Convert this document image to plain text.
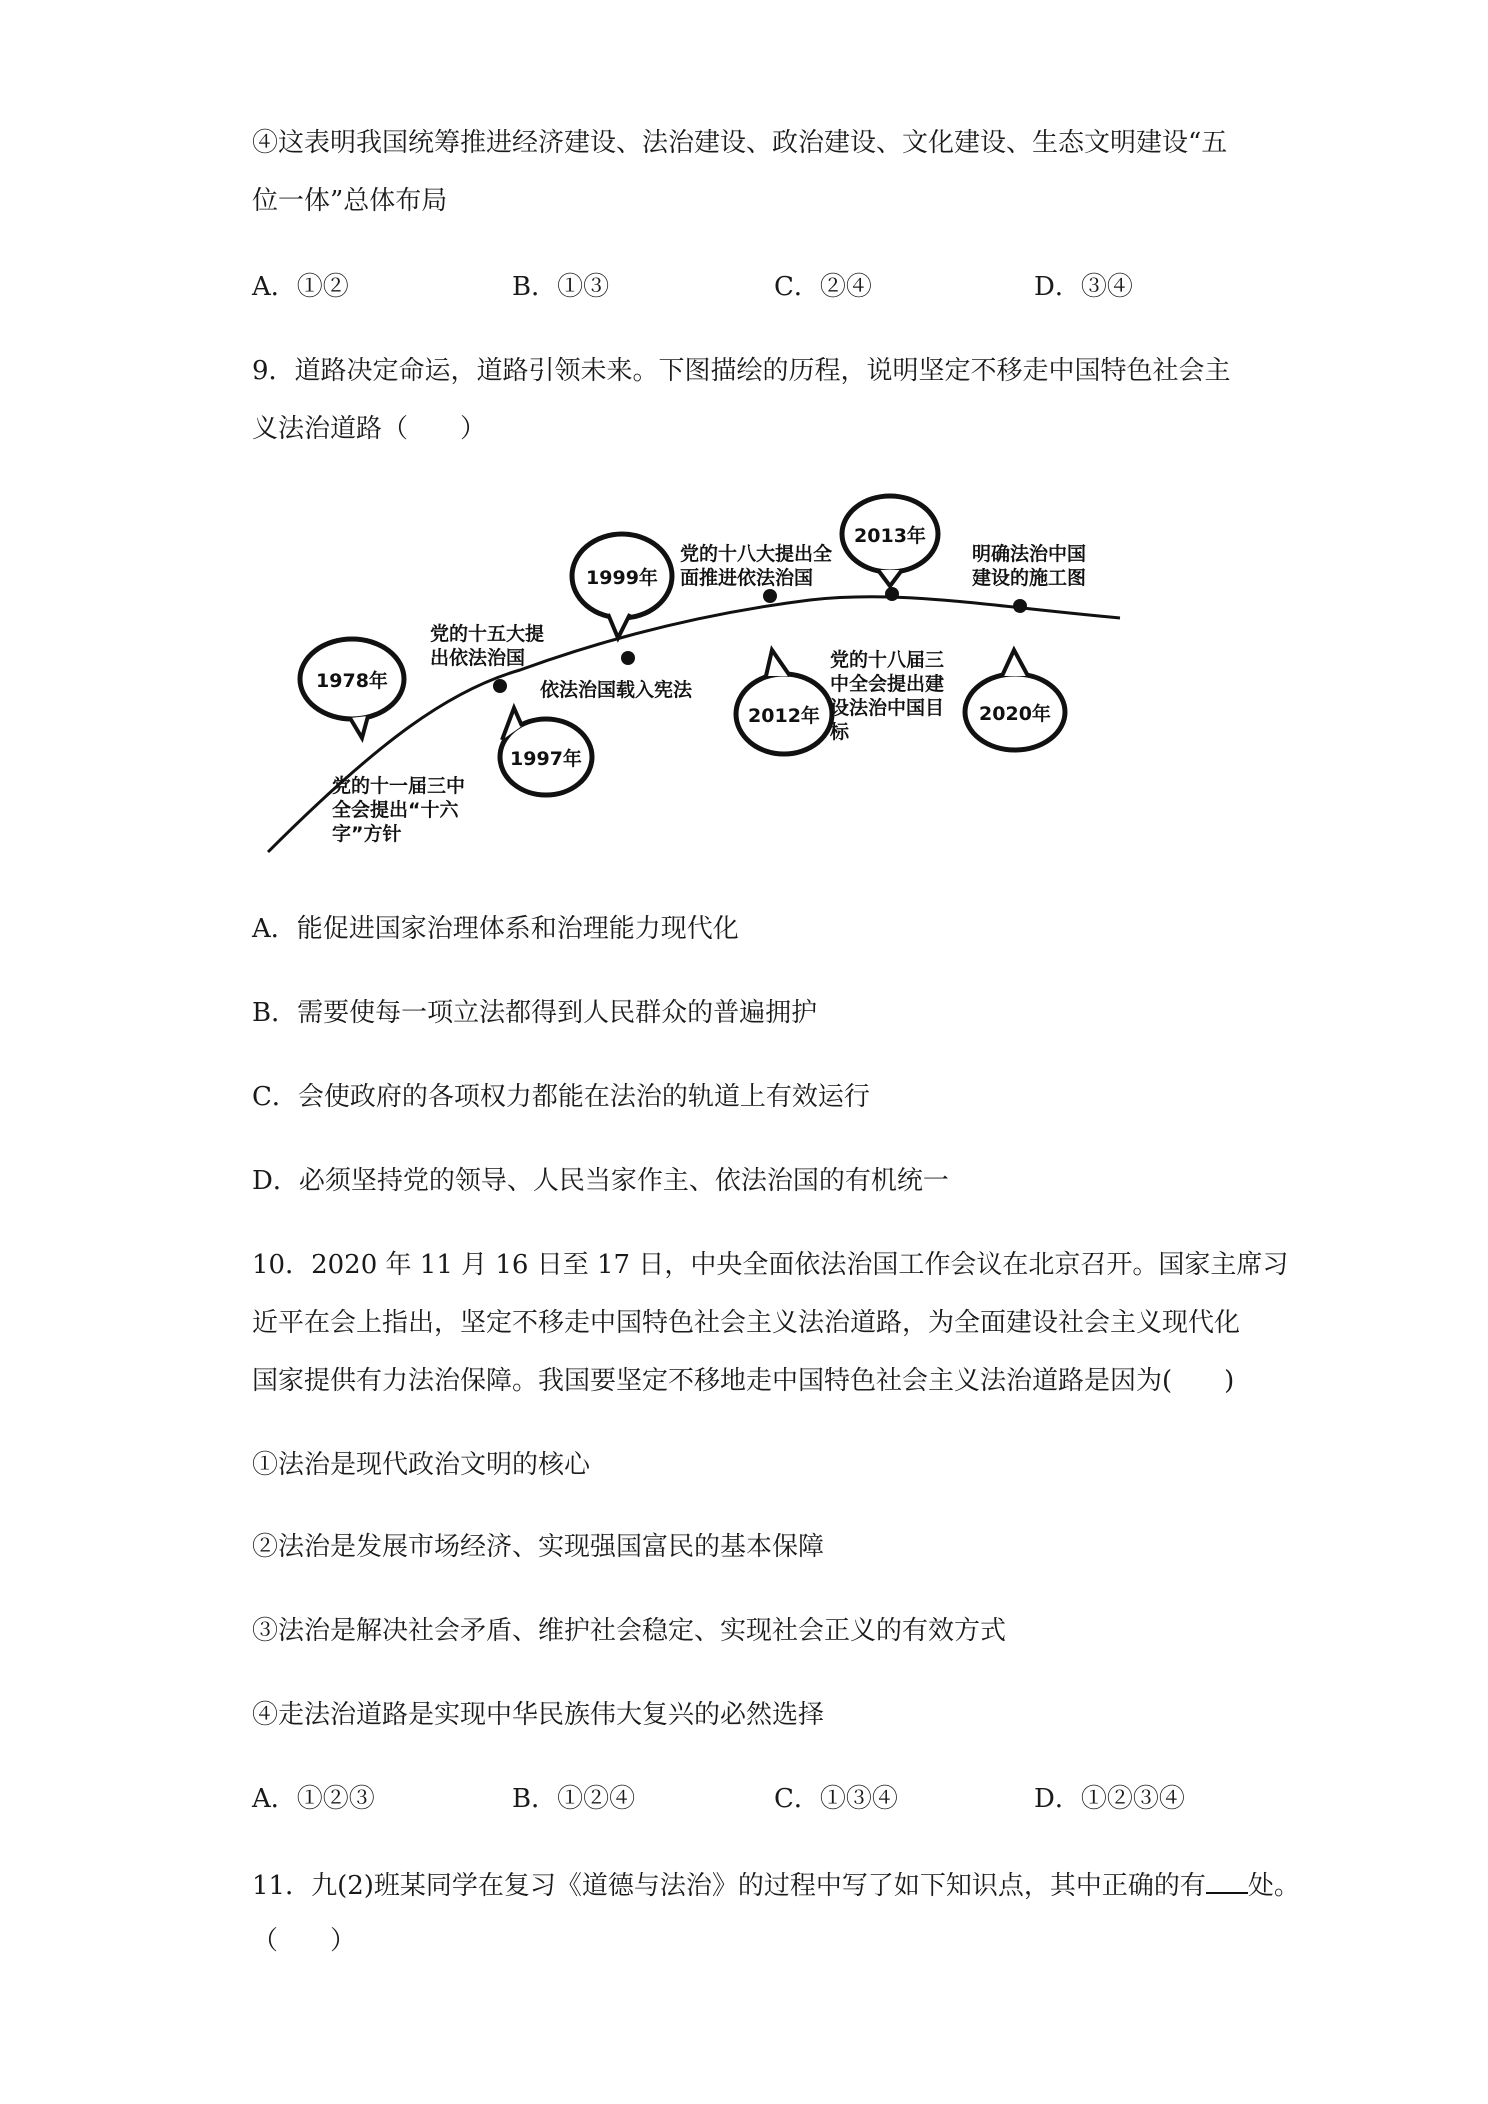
④这表明我国统筹推进经济建设、法治建设、政治建设、文化建设、生态文明建设“五
位一体”总体布局
A．①②	B．①③	C．②④	D．③④
9．道路决定命运，道路引领未来。下图描绘的历程，说明坚定不移走中国特色社会主
义法治道路（　　）
1978年
党的十一届三中 全会提出“十六 字”方针
1997年
党的十五大提 出依法治国
1999年
依法治国载入宪法
2012年
党的十八大提出全 面推进依法治国
2013年
党的十八届三 中全会提出建 设法治中国目 标
2020年
明确法治中国 建设的施工图
A．能促进国家治理体系和治理能力现代化
B．需要使每一项立法都得到人民群众的普遍拥护
C．会使政府的各项权力都能在法治的轨道上有效运行
D．必须坚持党的领导、人民当家作主、依法治国的有机统一
10．2020 年 11 月 16 日至 17 日，中央全面依法治国工作会议在北京召开。国家主席习
近平在会上指出，坚定不移走中国特色社会主义法治道路，为全面建设社会主义现代化
国家提供有力法治保障。我国要坚定不移地走中国特色社会主义法治道路是因为(　　)
①法治是现代政治文明的核心
②法治是发展市场经济、实现强国富民的基本保障
③法治是解决社会矛盾、维护社会稳定、实现社会正义的有效方式
④走法治道路是实现中华民族伟大复兴的必然选择
A．①②③	B．①②④	C．①③④	D．①②③④
11．九(2)班某同学在复习《道德与法治》的过程中写了如下知识点，其中正确的有 处。
（　　）
